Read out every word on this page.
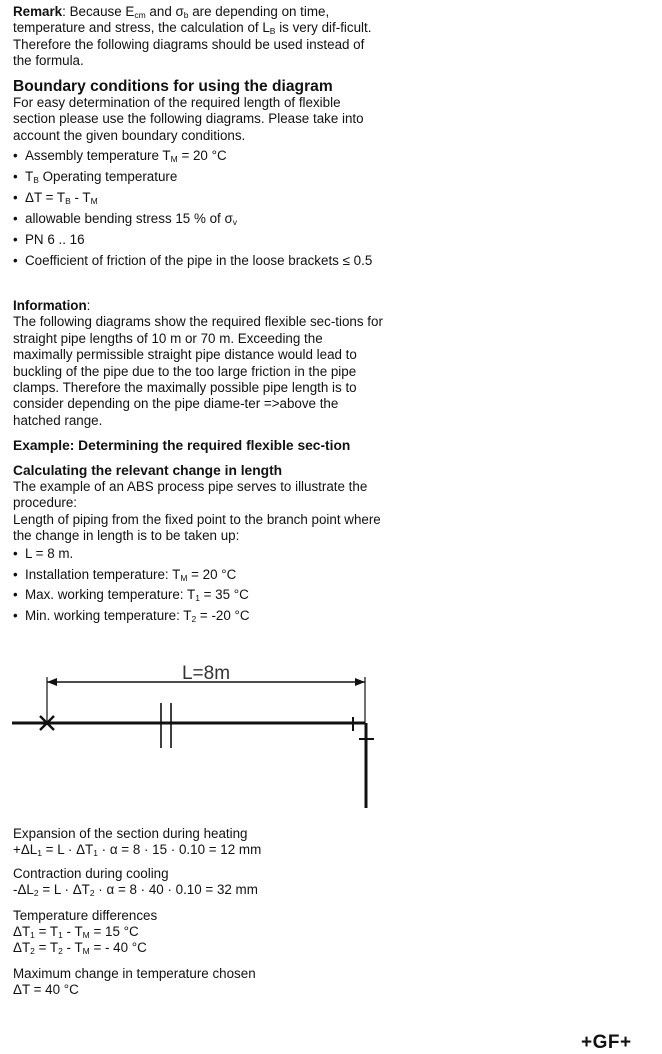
Remark: Because $E_{cm}$ and $\sigma_b$ are depending on time, temperature and stress, the calculation of $L_B$ is very dif-ficult. Therefore the following diagrams should be used instead of the formula.

Boundary conditions for using the diagram

For easy determination of the required length of flexible section please use the following diagrams. Please take into account the given boundary conditions.

• Assembly temperature $T_M = 20$ °C
• $T_B$ Operating temperature
• $\Delta T = T_B - T_M$
• allowable bending stress 15 % of $\sigma_v$
• PN 6 .. 16
• Coefficient of friction of the pipe in the loose brackets ≤ 0.5

Information:

The following diagrams show the required flexible sec-tions for straight pipe lengths of 10 m or 70 m. Exceeding the maximally permissible straight pipe distance would lead to buckling of the pipe due to the too large friction in the pipe clamps. Therefore the maximally possible pipe length is to consider depending on the pipe diame-ter =>above the hatched range.

Example: Determining the required flexible sec-tion
Calculating the relevant change in length

The example of an ABS process pipe serves to illustrate the procedure:

Length of piping from the fixed point to the branch point where the change in length is to be taken up:

• L = 8 m.
• Installation temperature: $T_M = 20$ °C
• Max. working temperature: $T_1 = 35$ °C
• Min. working temperature: $T_2 = -20$ °C
L=8m

Expansion of the section during heating

$+\Delta L_1 = L \cdot \Delta T_1 \cdot \alpha = 8 \cdot 15 \cdot 0.10 = 12$ mm

Contraction during cooling

$-\Delta L_2 = L \cdot \Delta T_2 \cdot \alpha = 8 \cdot 40 \cdot 0.10 = 32$ mm

Temperature differences

$\Delta T_1 = T_1 - T_M = 15$ °C

$\Delta T_2 = T_2 - T_M$ = - 40 °C

Maximum change in temperature chosen

ΔT = 40 °C

+GF+
